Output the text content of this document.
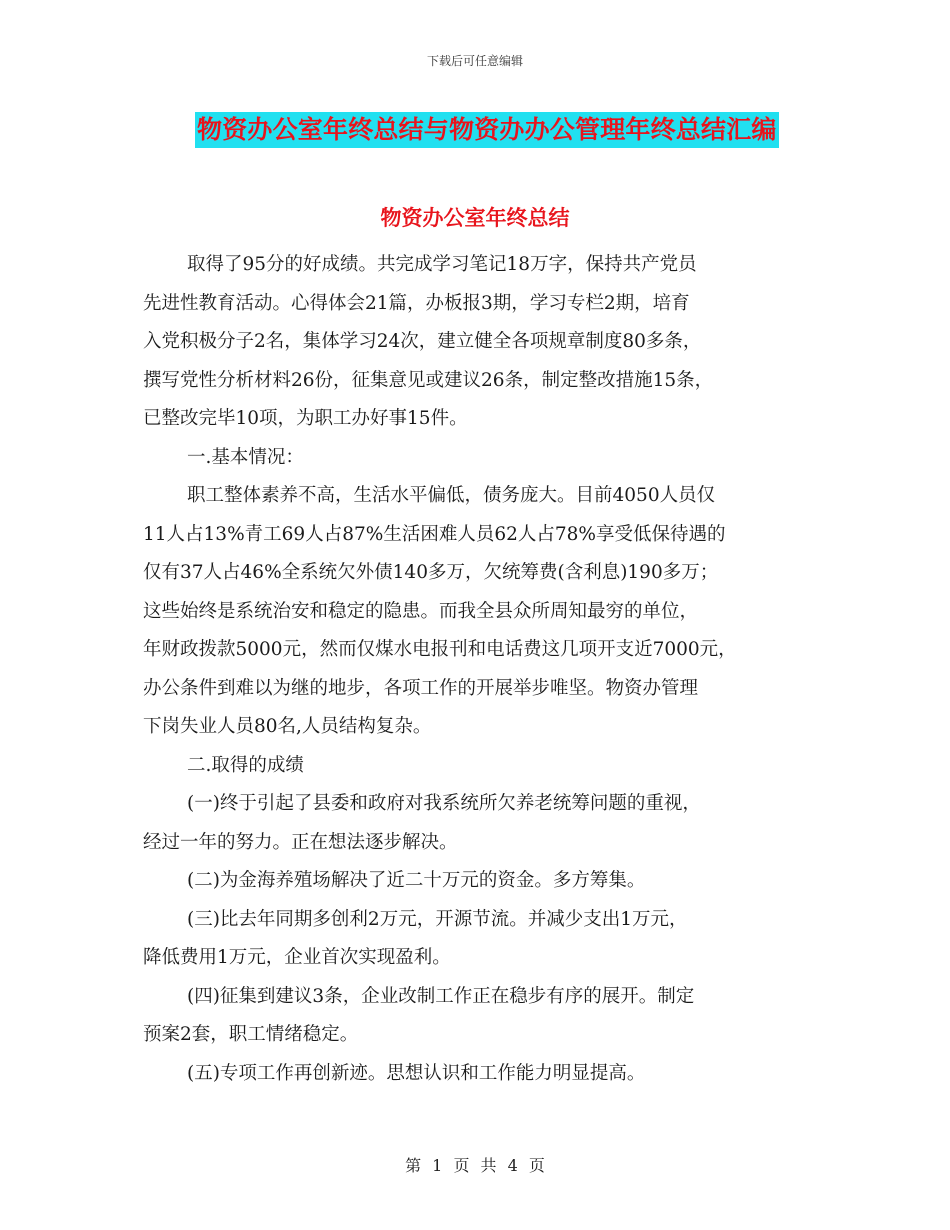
下载后可任意编辑
物资办公室年终总结与物资办办公管理年终总结汇编
物资办公室年终总结
取得了95分的好成绩。共完成学习笔记18万字，保持共产党员
先进性教育活动。心得体会21篇，办板报3期，学习专栏2期，培育
入党积极分子2名，集体学习24次，建立健全各项规章制度80多条，
撰写党性分析材料26份，征集意见或建议26条，制定整改措施15条，
已整改完毕10项，为职工办好事15件。
一.基本情况：
职工整体素养不高，生活水平偏低，债务庞大。目前4050人员仅
11人占13%青工69人占87%生活困难人员62人占78%享受低保待遇的
仅有37人占46%全系统欠外债140多万，欠统筹费(含利息)190多万；
这些始终是系统治安和稳定的隐患。而我全县众所周知最穷的单位，
年财政拨款5000元，然而仅煤水电报刊和电话费这几项开支近7000元，
办公条件到难以为继的地步，各项工作的开展举步唯坚。物资办管理
下岗失业人员80名,人员结构复杂。
二.取得的成绩
(一)终于引起了县委和政府对我系统所欠养老统筹问题的重视，
经过一年的努力。正在想法逐步解决。
(二)为金海养殖场解决了近二十万元的资金。多方筹集。
(三)比去年同期多创利2万元，开源节流。并减少支出1万元，
降低费用1万元，企业首次实现盈利。
(四)征集到建议3条，企业改制工作正在稳步有序的展开。制定
预案2套，职工情绪稳定。
(五)专项工作再创新迹。思想认识和工作能力明显提高。
第 1 页 共 4 页
